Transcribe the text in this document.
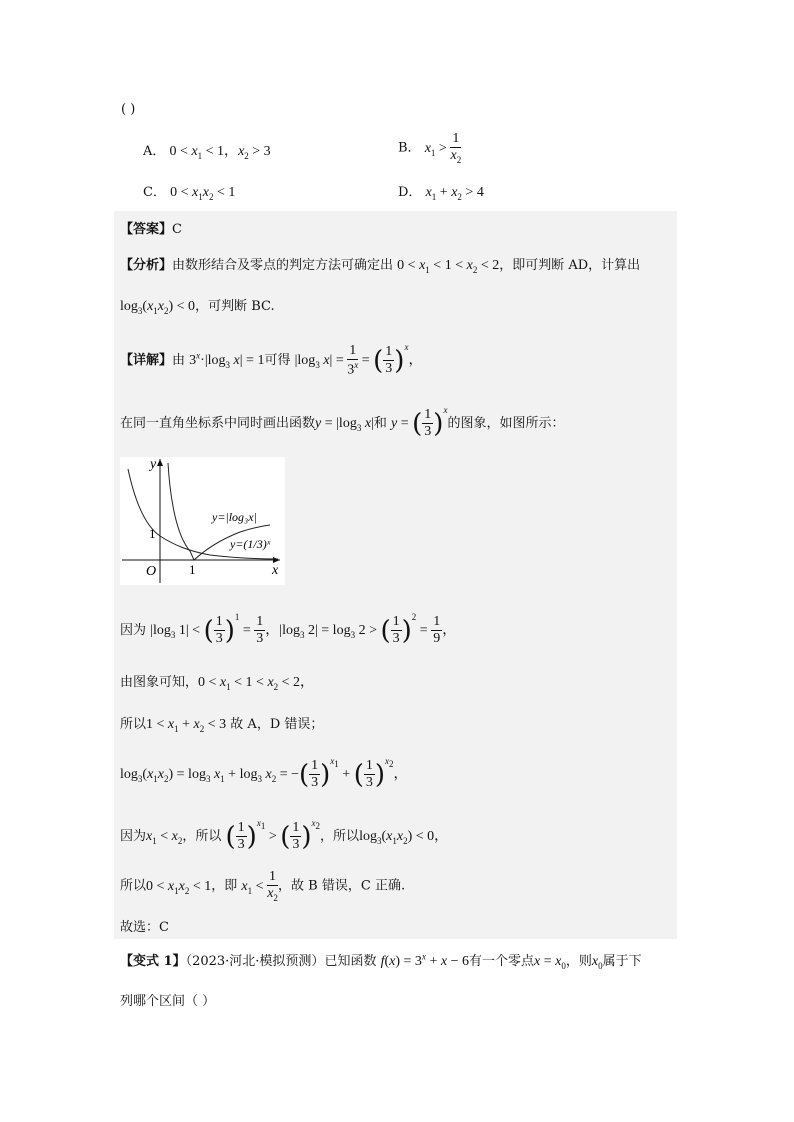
( )
A． $0 < x_1 < 1$，$x_2 > 3$	B． $x_1 > \frac{1}{x_2}$
C． $0 < x_1x_2 < 1$	D． $x_1 + x_2 > 4$
【答案】C
【分析】由数形结合及零点的判定方法可确定出 $0 < x_1 < 1 < x_2 < 2$，即可判断 AD，计算出
$\log_3(x_1x_2) < 0$，可判断 BC.
【详解】由 $3^x\cdot|\log_3$ x| = 1可得 $|\log_3$ $x| = \frac{1}{3^x}$ = ( $\frac{1}{3} )^x$，
在同一直角坐标系中同时画出函数$y = |\log_3$ x|和 y = ( $\frac{1}{3} )^x$的图象，如图所示：
y
x
O	1
1
y=|log₃x|
y=(1/3)ˣ
因为 $|\log_3$ 1| < ( $\frac{1}{3} )^1 = \frac{1}{3}$ ，$|\log_3$ $2| = \log_3 2$ > ( $\frac{1}{3} )^2 = \frac{1}{9}$ ，
由图象可知，$0 < x_1 < 1 < x_2 < 2$，
所以$1 < x_1 + x_2 < 3$ 故 A，D 错误；
$\log_3(x_1x_2) = \log_3 x_1 + \log_3 x_2$ = −( $\frac{1}{3} )^{x_1}$ + ( $\frac{1}{3} )^{x_2}$，
因为$x_1 < x_2$，所以 ( $\frac{1}{3} )^{x_1}$ > ( $\frac{1}{3} )^{x_2}$，所以$\log_3(x_1x_2) < 0$，
所以$0 < x_1x_2 < 1$，即 $x_1 < \frac{1}{x_2}$ ，故 B 错误，C 正确.
故选：C
【变式 1】（2023·河北·模拟预测）已知函数 $f(x) = 3^x + x - 6$有一个零点$x = x_0$，则$x_0$属于下
列哪个区间（ ）
